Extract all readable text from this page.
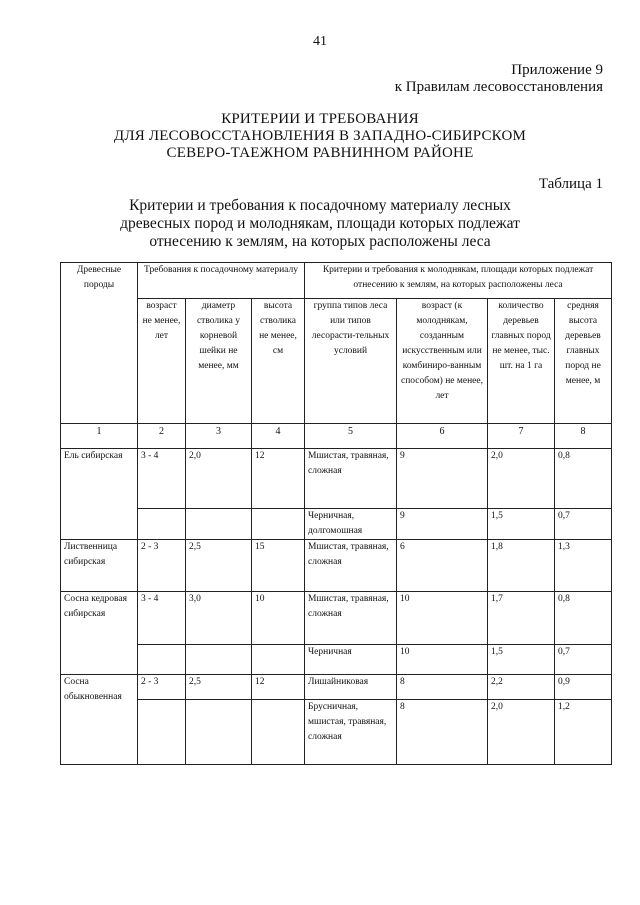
41
Приложение 9
к Правилам лесовосстановления
КРИТЕРИИ И ТРЕБОВАНИЯ
ДЛЯ ЛЕСОВОССТАНОВЛЕНИЯ В ЗАПАДНО-СИБИРСКОМ
СЕВЕРО-ТАЕЖНОМ РАВНИННОМ РАЙОНЕ
Таблица 1
Критерии и требования к посадочному материалу лесных
древесных пород и молоднякам, площади которых подлежат
отнесению к землям, на которых расположены леса
Древесные породы	Требования к посадочному материалу			Критерии и требования к молоднякам, площади которых подлежат отнесению к землям, на которых расположены леса			
	возраст не менее, лет	диаметр стволика у корневой шейки не менее, мм	высота стволика не менее, см	группа типов леса или типов лесорасти-тельных условий	возраст (к молоднякам, созданным искусственным или комбиниро-ванным способом) не менее, лет	количество деревьев главных пород не менее, тыс. шт. на 1 га	средняя высота деревьев главных пород не менее, м
1	2	3	4	5	6	7	8
Ель сибирская	3 - 4	2,0	12	Мшистая, травяная, сложная	9	2,0	0,8
				Черничная, долгомошная	9	1,5	0,7
Лиственница сибирская	2 - 3	2,5	15	Мшистая, травяная, сложная	6	1,8	1,3
Сосна кедровая сибирская	3 - 4	3,0	10	Мшистая, травяная, сложная	10	1,7	0,8
				Черничная	10	1,5	0,7
Сосна обыкновенная	2 - 3	2,5	12	Лишайниковая	8	2,2	0,9
				Брусничная, мшистая, травяная, сложная	8	2,0	1,2
